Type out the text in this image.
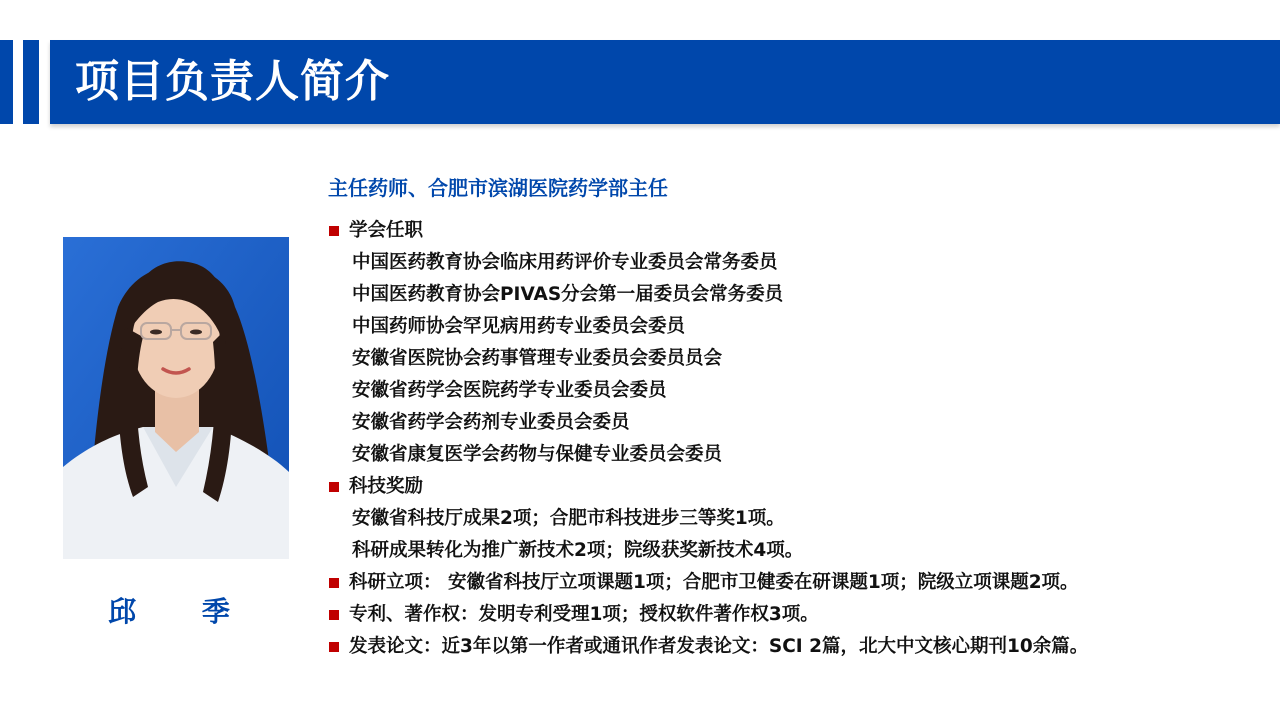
项目负责人简介
邱 季
主任药师、合肥市滨湖医院药学部主任
学会任职
中国医药教育协会临床用药评价专业委员会常务委员
中国医药教育协会PIVAS分会第一届委员会常务委员
中国药师协会罕见病用药专业委员会委员
安徽省医院协会药事管理专业委员会委员员会
安徽省药学会医院药学专业委员会委员
安徽省药学会药剂专业委员会委员
安徽省康复医学会药物与保健专业委员会委员
科技奖励
安徽省科技厅成果2项；合肥市科技进步三等奖1项。
科研成果转化为推广新技术2项；院级获奖新技术4项。
科研立项： 安徽省科技厅立项课题1项；合肥市卫健委在研课题1项；院级立项课题2项。
专利、著作权：发明专利受理1项；授权软件著作权3项。
发表论文：近3年以第一作者或通讯作者发表论文：SCI 2篇，北大中文核心期刊10余篇。
